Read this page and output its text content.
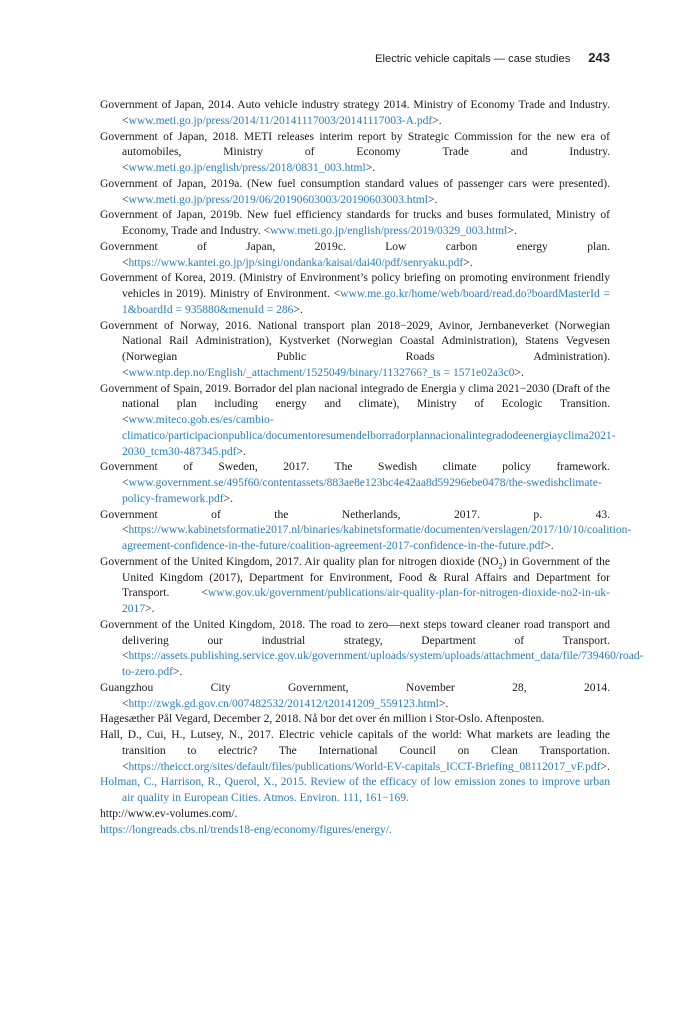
Electric vehicle capitals — case studies 243

Government of Japan, 2014. Auto vehicle industry strategy 2014. Ministry of Economy Trade and Industry. <www.meti.go.jp/press/2014/11/20141117003/20141117003-A.pdf>.

Government of Japan, 2018. METI releases interim report by Strategic Commission for the new era of automobiles, Ministry of Economy Trade and Industry. <www.meti.go.jp/english/press/2018/0831_003.html>.

Government of Japan, 2019a. (New fuel consumption standard values of passenger cars were presented). <www.meti.go.jp/press/2019/06/20190603003/20190603003.html>.

Government of Japan, 2019b. New fuel efficiency standards for trucks and buses formulated, Ministry of Economy, Trade and Industry. <www.meti.go.jp/english/press/2019/0329_003.html>.

Government of Japan, 2019c. Low carbon energy plan. <https://www.kantei.go.jp/jp/singi/ondanka/kaisai/dai40/pdf/senryaku.pdf>.

Government of Korea, 2019. (Ministry of Environment’s policy briefing on promoting environment friendly vehicles in 2019). Ministry of Environment. <www.me.go.kr/home/web/board/read.do?boardMasterId = 1&boardId = 935880&menuId = 286>.

Government of Norway, 2016. National transport plan 2018−2029, Avinor, Jernbaneverket (Norwegian National Rail Administration), Kystverket (Norwegian Coastal Administration), Statens Vegvesen (Norwegian Public Roads Administration). <www.ntp.dep.no/English/_attachment/1525049/binary/1132766?_ts = 1571e02a3c0>.

Government of Spain, 2019. Borrador del plan nacional integrado de Energia y clima 2021−2030 (Draft of the national plan including energy and climate), Ministry of Ecologic Transition. <www.miteco.gob.es/es/cambio-climatico/participacionpublica/documentoresumendelborradorplannacionalintegradodeenergiayclima2021-2030_tcm30-487345.pdf>.

Government of Sweden, 2017. The Swedish climate policy framework. <www.government.se/495f60/contentassets/883ae8e123bc4e42aa8d59296ebe0478/the-swedishclimate-policy-framework.pdf>.

Government of the Netherlands, 2017. p. 43. <https://www.kabinetsformatie2017.nl/binaries/kabinetsformatie/documenten/verslagen/2017/10/10/coalition-agreement-confidence-in-the-future/coalition-agreement-2017-confidence-in-the-future.pdf>.

Government of the United Kingdom, 2017. Air quality plan for nitrogen dioxide $(NO_2)$ in Government of the United Kingdom (2017), Department for Environment, Food & Rural Affairs and Department for Transport. <www.gov.uk/government/publications/air-quality-plan-for-nitrogen-dioxide-no2-in-uk-2017>.

Government of the United Kingdom, 2018. The road to zero—next steps toward cleaner road transport and delivering our industrial strategy, Department of Transport. <https://assets.publishing.service.gov.uk/government/uploads/system/uploads/attachment_data/file/739460/road-to-zero.pdf>.

Guangzhou City Government, November 28, 2014. <http://zwgk.gd.gov.cn/007482532/201412/t20141209_559123.html>.

Hagesæther Pål Vegard, December 2, 2018. Nå bor det over én million i Stor-Oslo. Aftenposten.

Hall, D., Cui, H., Lutsey, N., 2017. Electric vehicle capitals of the world: What markets are leading the transition to electric? The International Council on Clean Transportation. <https://theicct.org/sites/default/files/publications/World-EV-capitals_ICCT-Briefing_08112017_vF.pdf>.

Holman, C., Harrison, R., Querol, X., 2015. Review of the efficacy of low emission zones to improve urban air quality in European Cities. Atmos. Environ. 111, 161−169.

http://www.ev-volumes.com/.

https://longreads.cbs.nl/trends18-eng/economy/figures/energy/.
